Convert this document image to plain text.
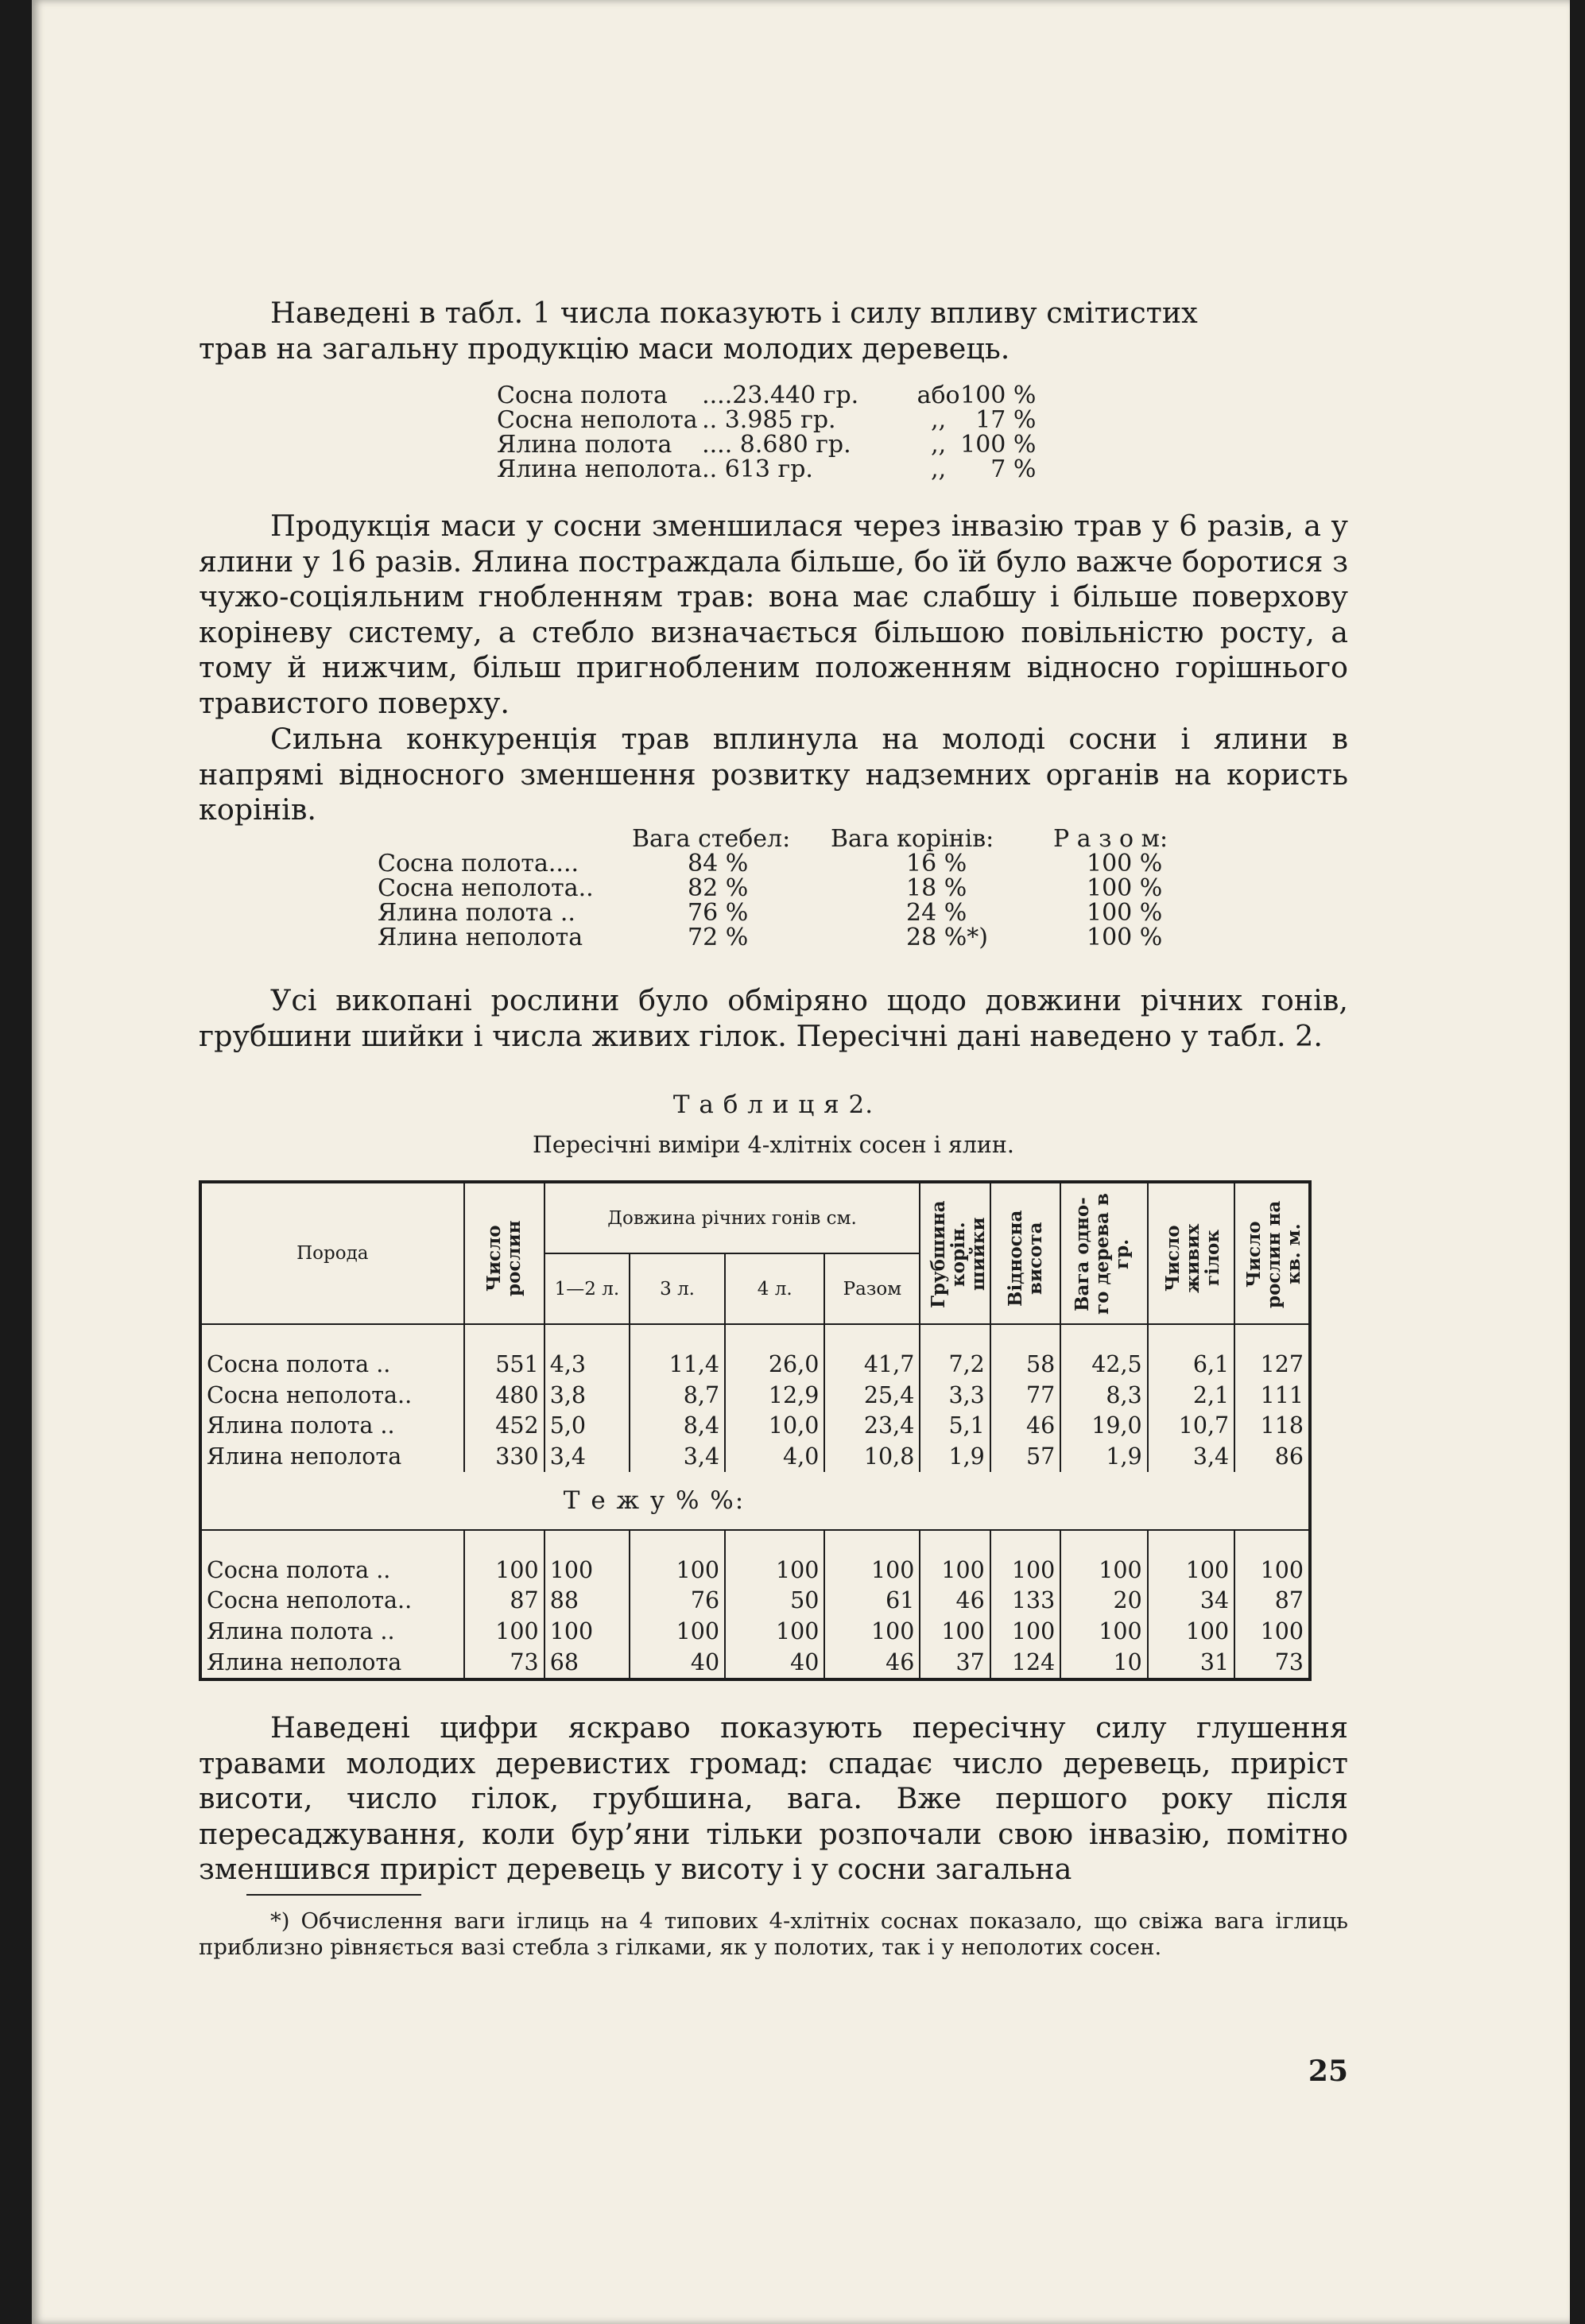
Наведені в табл. 1 числа показують і силу впливу смітистих
трав на загальну продукцію маси молодих деревець.

Сосна полота	....23.440 гр.	або	100 %
Сосна неполота	.. 3.985 гр.	,,	17 %
Ялина полота	.... 8.680 гр.	,,	100 %
Ялина неполота	.. 613 гр.	,,	7 %

Продукція маси у сосни зменшилася через інвазію трав у 6 разів, а у ялини у 16 разів. Ялина постраждала більше, бо їй було важче боротися з чужо-соціяльним гнобленням трав: вона має слабшу і більше поверхову коріневу систему, а стебло визначається більшою повільністю росту, а тому й нижчим, більш пригнобленим положенням відносно горішнього травистого поверху.

Сильна конкуренція трав вплинула на молоді сосни і ялини в напрямі відносного зменшення розвитку надземних органів на користь корінів.

	Вага стебел:	Вага корінів:	Р а з о м:
Сосна полота....	84 %	16 %	100 %
Сосна неполота..	82 %	18 %	100 %
Ялина полота ..	76 %	24 %	100 %
Ялина неполота	72 %	28 %*)	100 %

Усі викопані рослини було обміряно щодо довжини річних гонів, грубшини шийки і числа живих гілок. Пересічні дані наведено у табл. 2.

Т а б л и ц я 2.
Пересічні виміри 4-хлітніх сосен і ялин.
Порода	Число рослин	Довжина річних гонів см.				Грубшина корін. шийки	Відносна висота	Вага одно-го дерева в гр.	Число живих гілок	Число рослин на кв. м.
		1—2 л.	3 л.	4 л.	Разом					

Сосна полота ..	551	4,3	11,4	26,0	41,7	7,2	58	42,5	6,1	127
Сосна неполота..	480	3,8	8,7	12,9	25,4	3,3	77	8,3	2,1	111
Ялина полота ..	452	5,0	8,4	10,0	23,4	5,1	46	19,0	10,7	118
Ялина неполота	330	3,4	3,4	4,0	10,8	1,9	57	1,9	3,4	86
Т е ж у % %:										

Сосна полота ..	100	100	100	100	100	100	100	100	100	100
Сосна неполота..	87	88	76	50	61	46	133	20	34	87
Ялина полота ..	100	100	100	100	100	100	100	100	100	100
Ялина неполота	73	68	40	40	46	37	124	10	31	73

Наведені цифри яскраво показують пересічну силу глушення травами молодих деревистих громад: спадає число деревець, приріст висоти, число гілок, грубшина, вага. Вже першого року після пересаджування, коли бур’яни тільки розпочали свою інвазію, помітно зменшився приріст деревець у висоту і у сосни загальна

*) Обчислення ваги іглиць на 4 типових 4-хлітніх соснах показало, що свіжа вага іглиць приблизно рівняється вазі стебла з гілками, як у полотих, так і у неполотих сосен.

25
